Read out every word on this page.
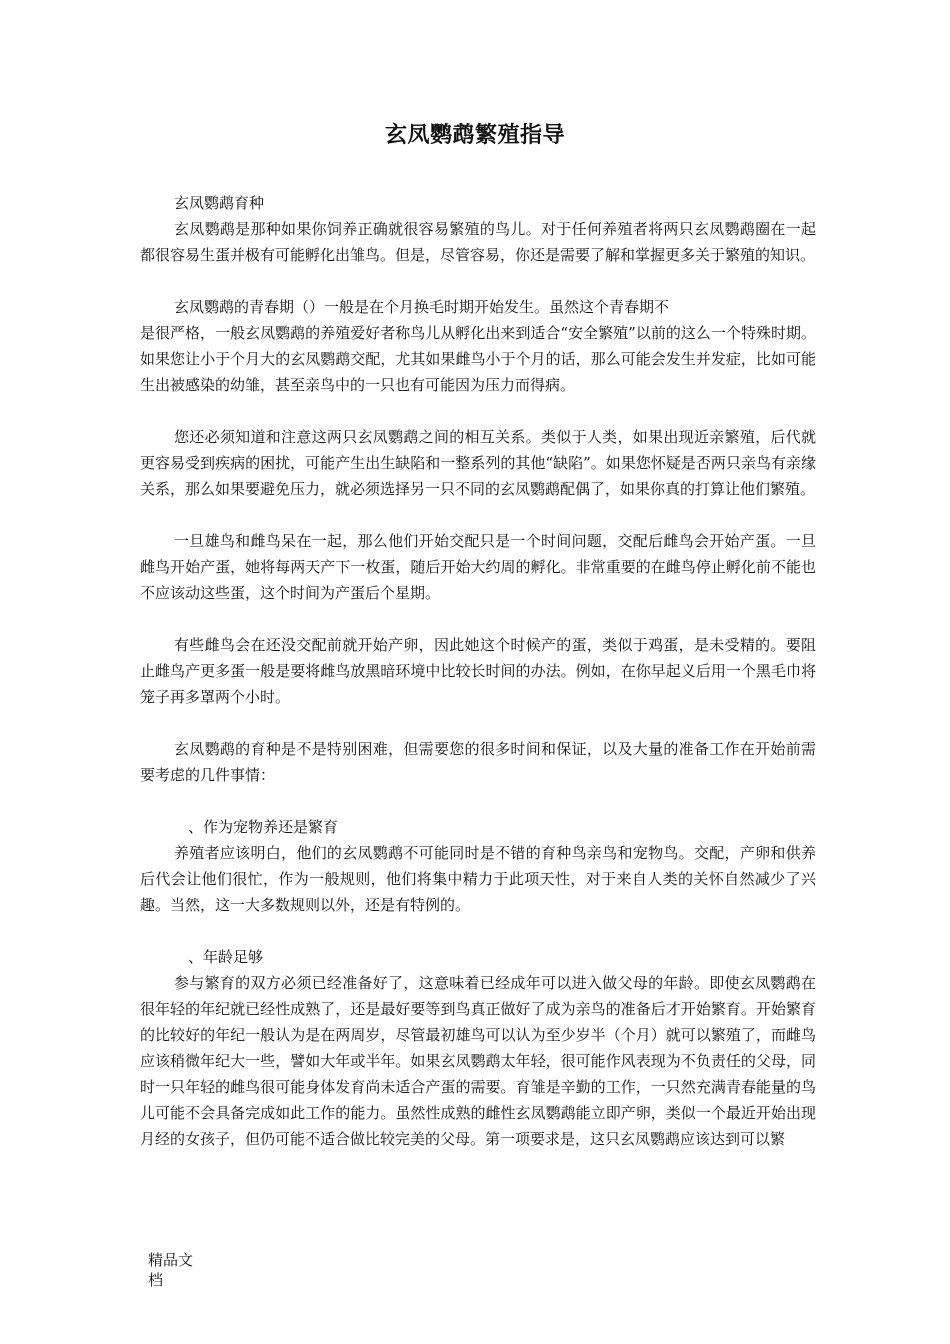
玄凤鹦鹉繁殖指导

玄凤鹦鹉育种

玄凤鹦鹉是那种如果你饲养正确就很容易繁殖的鸟儿。对于任何养殖者将两只玄凤鹦鹉圈在一起都很容易生蛋并极有可能孵化出雏鸟。但是，尽管容易，你还是需要了解和掌握更多关于繁殖的知识。

玄凤鹦鹉的青春期（）一般是在个月换毛时期开始发生。虽然这个青春期不

是很严格，一般玄凤鹦鹉的养殖爱好者称鸟儿从孵化出来到适合“安全繁殖”以前的这么一个特殊时期。如果您让小于个月大的玄凤鹦鹉交配，尤其如果雌鸟小于个月的话，那么可能会发生并发症，比如可能生出被感染的幼雏，甚至亲鸟中的一只也有可能因为压力而得病。

您还必须知道和注意这两只玄凤鹦鹉之间的相互关系。类似于人类，如果出现近亲繁殖，后代就更容易受到疾病的困扰，可能产生出生缺陷和一整系列的其他“缺陷”。如果您怀疑是否两只亲鸟有亲缘关系，那么如果要避免压力，就必须选择另一只不同的玄凤鹦鹉配偶了，如果你真的打算让他们繁殖。

一旦雄鸟和雌鸟呆在一起，那么他们开始交配只是一个时间问题，交配后雌鸟会开始产蛋。一旦雌鸟开始产蛋，她将每两天产下一枚蛋，随后开始大约周的孵化。非常重要的在雌鸟停止孵化前不能也不应该动这些蛋，这个时间为产蛋后个星期。

有些雌鸟会在还没交配前就开始产卵，因此她这个时候产的蛋，类似于鸡蛋，是未受精的。要阻止雌鸟产更多蛋一般是要将雌鸟放黑暗环境中比较长时间的办法。例如，在你早起义后用一个黑毛巾将笼子再多罩两个小时。

玄凤鹦鹉的育种是不是特别困难，但需要您的很多时间和保证，以及大量的准备工作在开始前需要考虑的几件事情：

、作为宠物养还是繁育

养殖者应该明白，他们的玄凤鹦鹉不可能同时是不错的育种鸟亲鸟和宠物鸟。交配，产卵和供养后代会让他们很忙，作为一般规则，他们将集中精力于此项天性，对于来自人类的关怀自然减少了兴趣。当然，这一大多数规则以外，还是有特例的。

、年龄足够

参与繁育的双方必须已经准备好了，这意味着已经成年可以进入做父母的年龄。即使玄凤鹦鹉在很年轻的年纪就已经性成熟了，还是最好要等到鸟真正做好了成为亲鸟的准备后才开始繁育。开始繁育的比较好的年纪一般认为是在两周岁，尽管最初雄鸟可以认为至少岁半（个月）就可以繁殖了，而雌鸟应该稍微年纪大一些，譬如大年或半年。如果玄凤鹦鹉太年轻，很可能作风表现为不负责任的父母，同时一只年轻的雌鸟很可能身体发育尚未适合产蛋的需要。育雏是辛勤的工作，一只然充满青春能量的鸟儿可能不会具备完成如此工作的能力。虽然性成熟的雌性玄凤鹦鹉能立即产卵，类似一个最近开始出现月经的女孩子，但仍可能不适合做比较完美的父母。第一项要求是，这只玄凤鹦鹉应该达到可以繁

精品文
档
